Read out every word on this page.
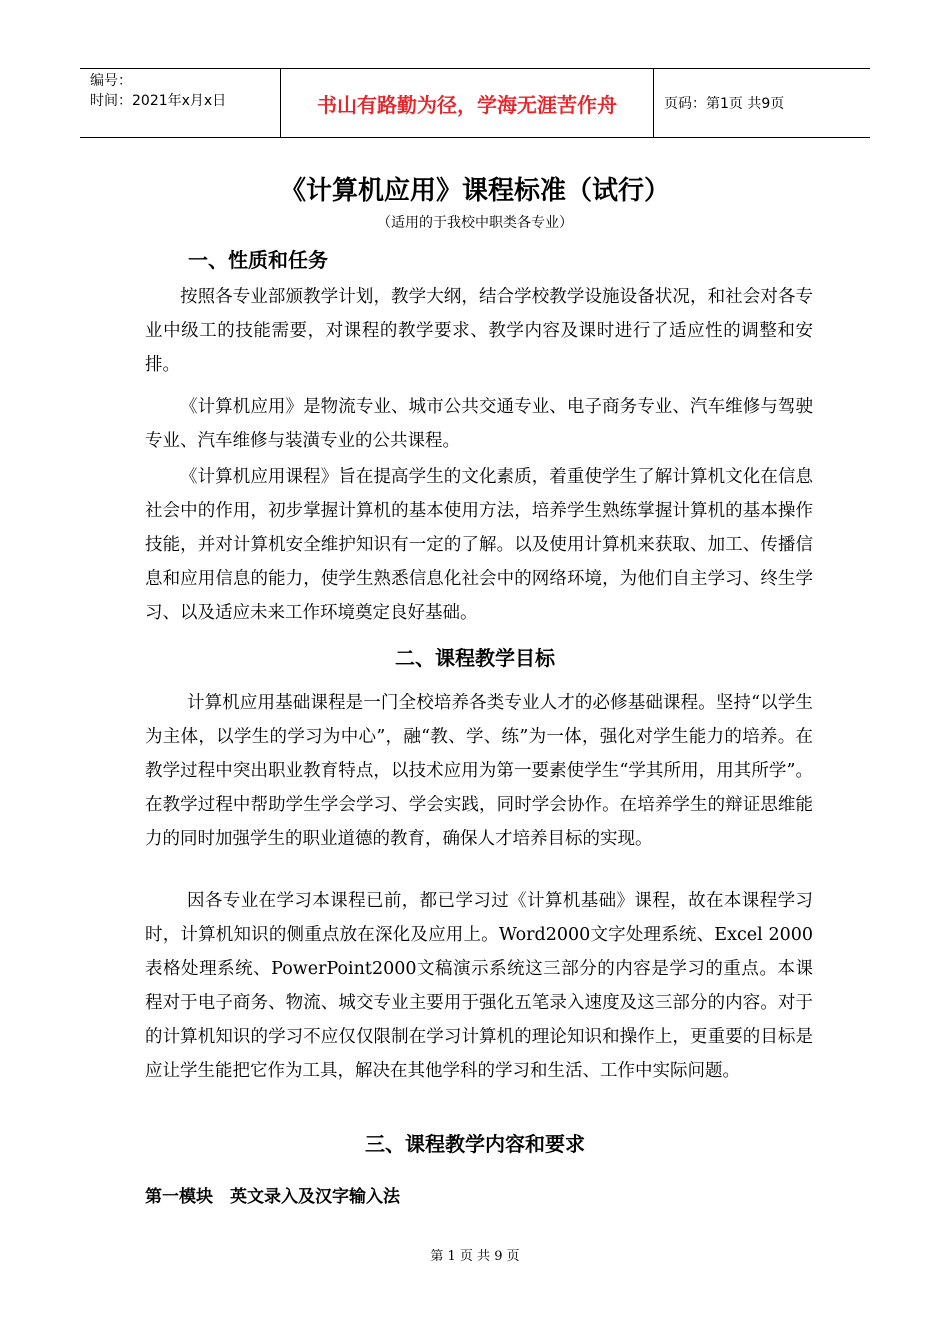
编号：
时间：2021年x月x日	书山有路勤为径，学海无涯苦作舟	页码：第1页 共9页
《计算机应用》课程标准（试行）
（适用的于我校中职类各专业）
一、性质和任务
按照各专业部颁教学计划，教学大纲，结合学校教学设施设备状况，和社会对各专业中级工的技能需要，对课程的教学要求、教学内容及课时进行了适应性的调整和安排。
《计算机应用》是物流专业、城市公共交通专业、电子商务专业、汽车维修与驾驶专业、汽车维修与装潢专业的公共课程。
《计算机应用课程》旨在提高学生的文化素质，着重使学生了解计算机文化在信息社会中的作用，初步掌握计算机的基本使用方法，培养学生熟练掌握计算机的基本操作技能，并对计算机安全维护知识有一定的了解。以及使用计算机来获取、加工、传播信息和应用信息的能力，使学生熟悉信息化社会中的网络环境，为他们自主学习、终生学习、以及适应未来工作环境奠定良好基础。
二、课程教学目标
计算机应用基础课程是一门全校培养各类专业人才的必修基础课程。坚持“以学生为主体，以学生的学习为中心”，融“教、学、练”为一体，强化对学生能力的培养。在教学过程中突出职业教育特点，以技术应用为第一要素使学生“学其所用，用其所学”。在教学过程中帮助学生学会学习、学会实践，同时学会协作。在培养学生的辩证思维能力的同时加强学生的职业道德的教育，确保人才培养目标的实现。
因各专业在学习本课程已前，都已学习过《计算机基础》课程，故在本课程学习时，计算机知识的侧重点放在深化及应用上。Word2000文字处理系统、Excel 2000表格处理系统、PowerPoint2000文稿演示系统这三部分的内容是学习的重点。本课程对于电子商务、物流、城交专业主要用于强化五笔录入速度及这三部分的内容。对于的计算机知识的学习不应仅仅限制在学习计算机的理论知识和操作上，更重要的目标是应让学生能把它作为工具，解决在其他学科的学习和生活、工作中实际问题。
三、课程教学内容和要求
第一模块　英文录入及汉字输入法
第 1 页 共 9 页
